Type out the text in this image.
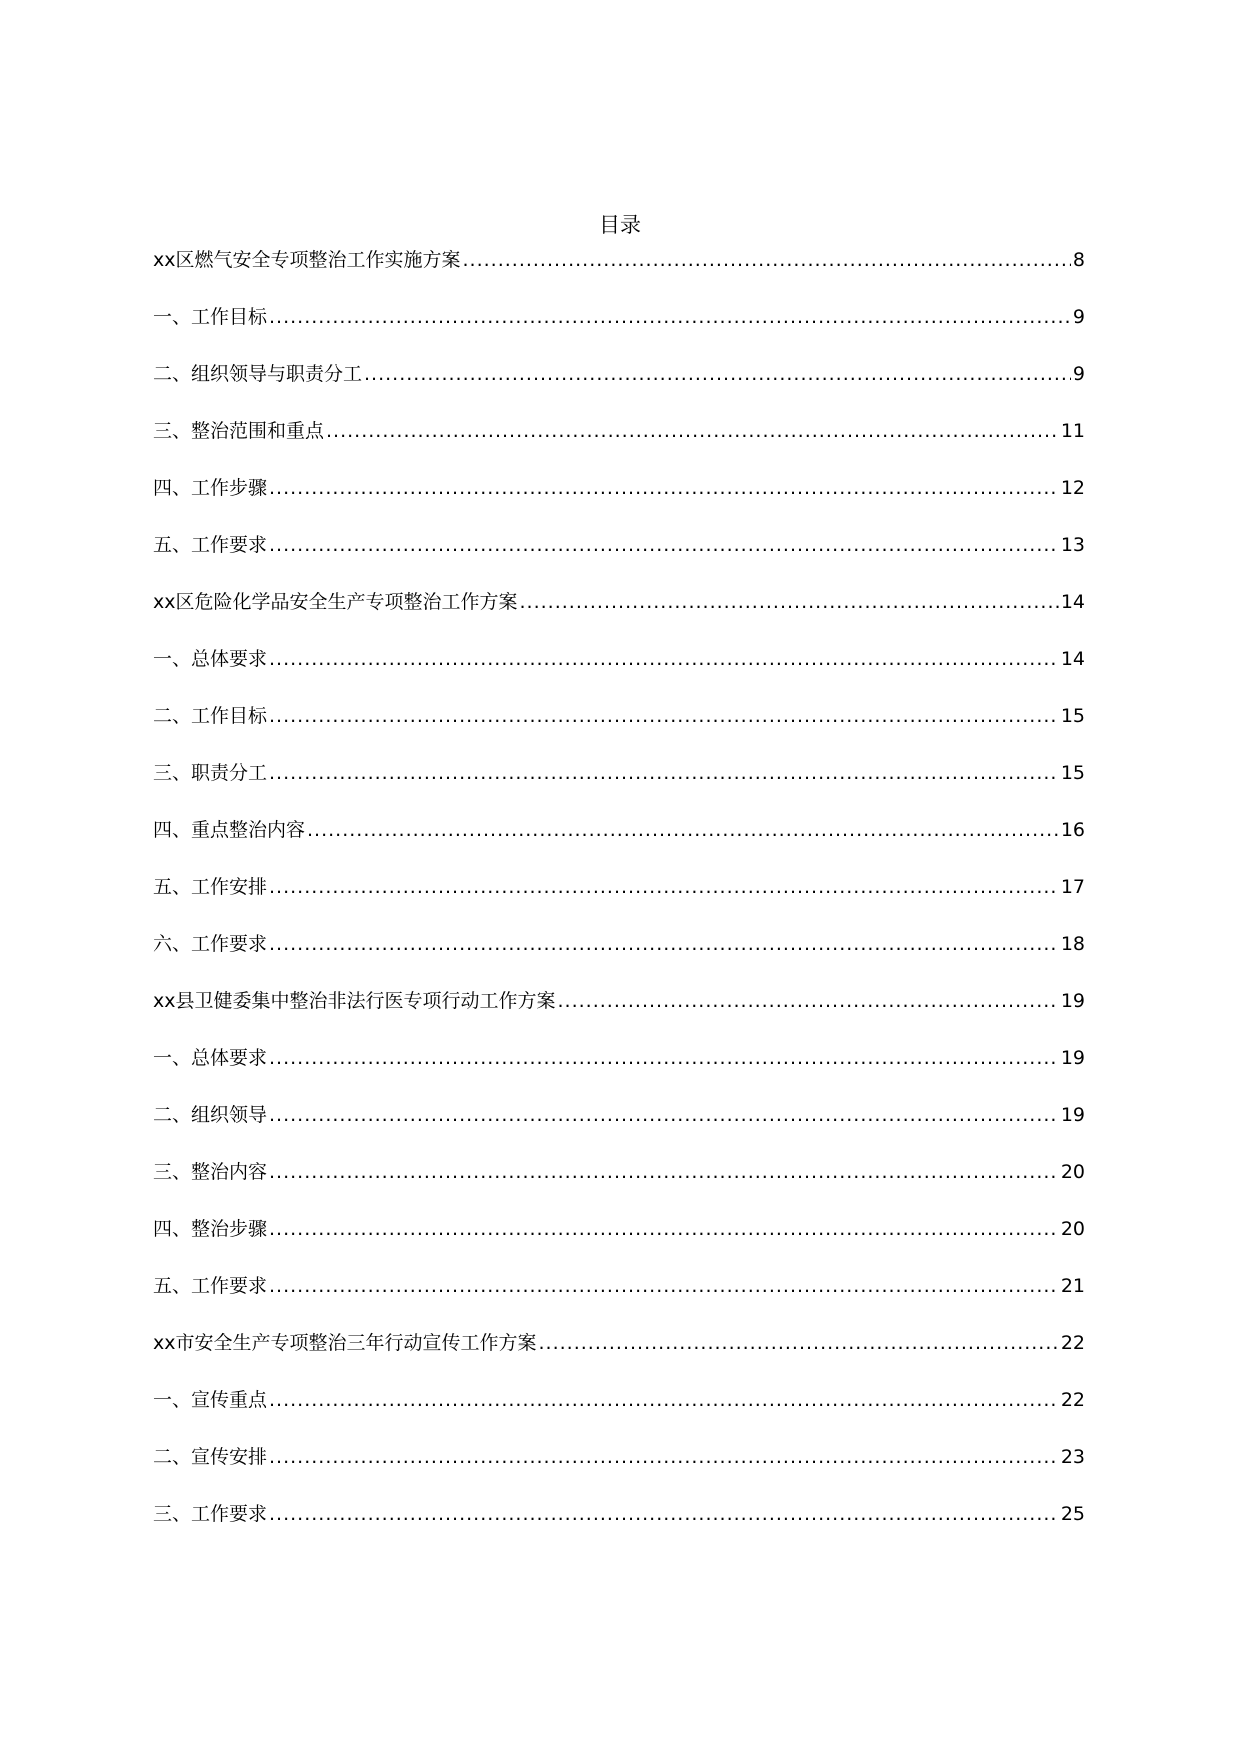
目录
xx区燃气安全专项整治工作实施方案 .....	8
一、工作目标 .....	9
二、组织领导与职责分工 .....	9
三、整治范围和重点 .....	11
四、工作步骤 .....	12
五、工作要求 .....	13
xx区危险化学品安全生产专项整治工作方案 .....	14
一、总体要求 .....	14
二、工作目标 .....	15
三、职责分工 .....	15
四、重点整治内容 .....	16
五、工作安排 .....	17
六、工作要求 .....	18
xx县卫健委集中整治非法行医专项行动工作方案 .....	19
一、总体要求 .....	19
二、组织领导 .....	19
三、整治内容 .....	20
四、整治步骤 .....	20
五、工作要求 .....	21
xx市安全生产专项整治三年行动宣传工作方案 .....	22
一、宣传重点 .....	22
二、宣传安排 .....	23
三、工作要求 .....	25
